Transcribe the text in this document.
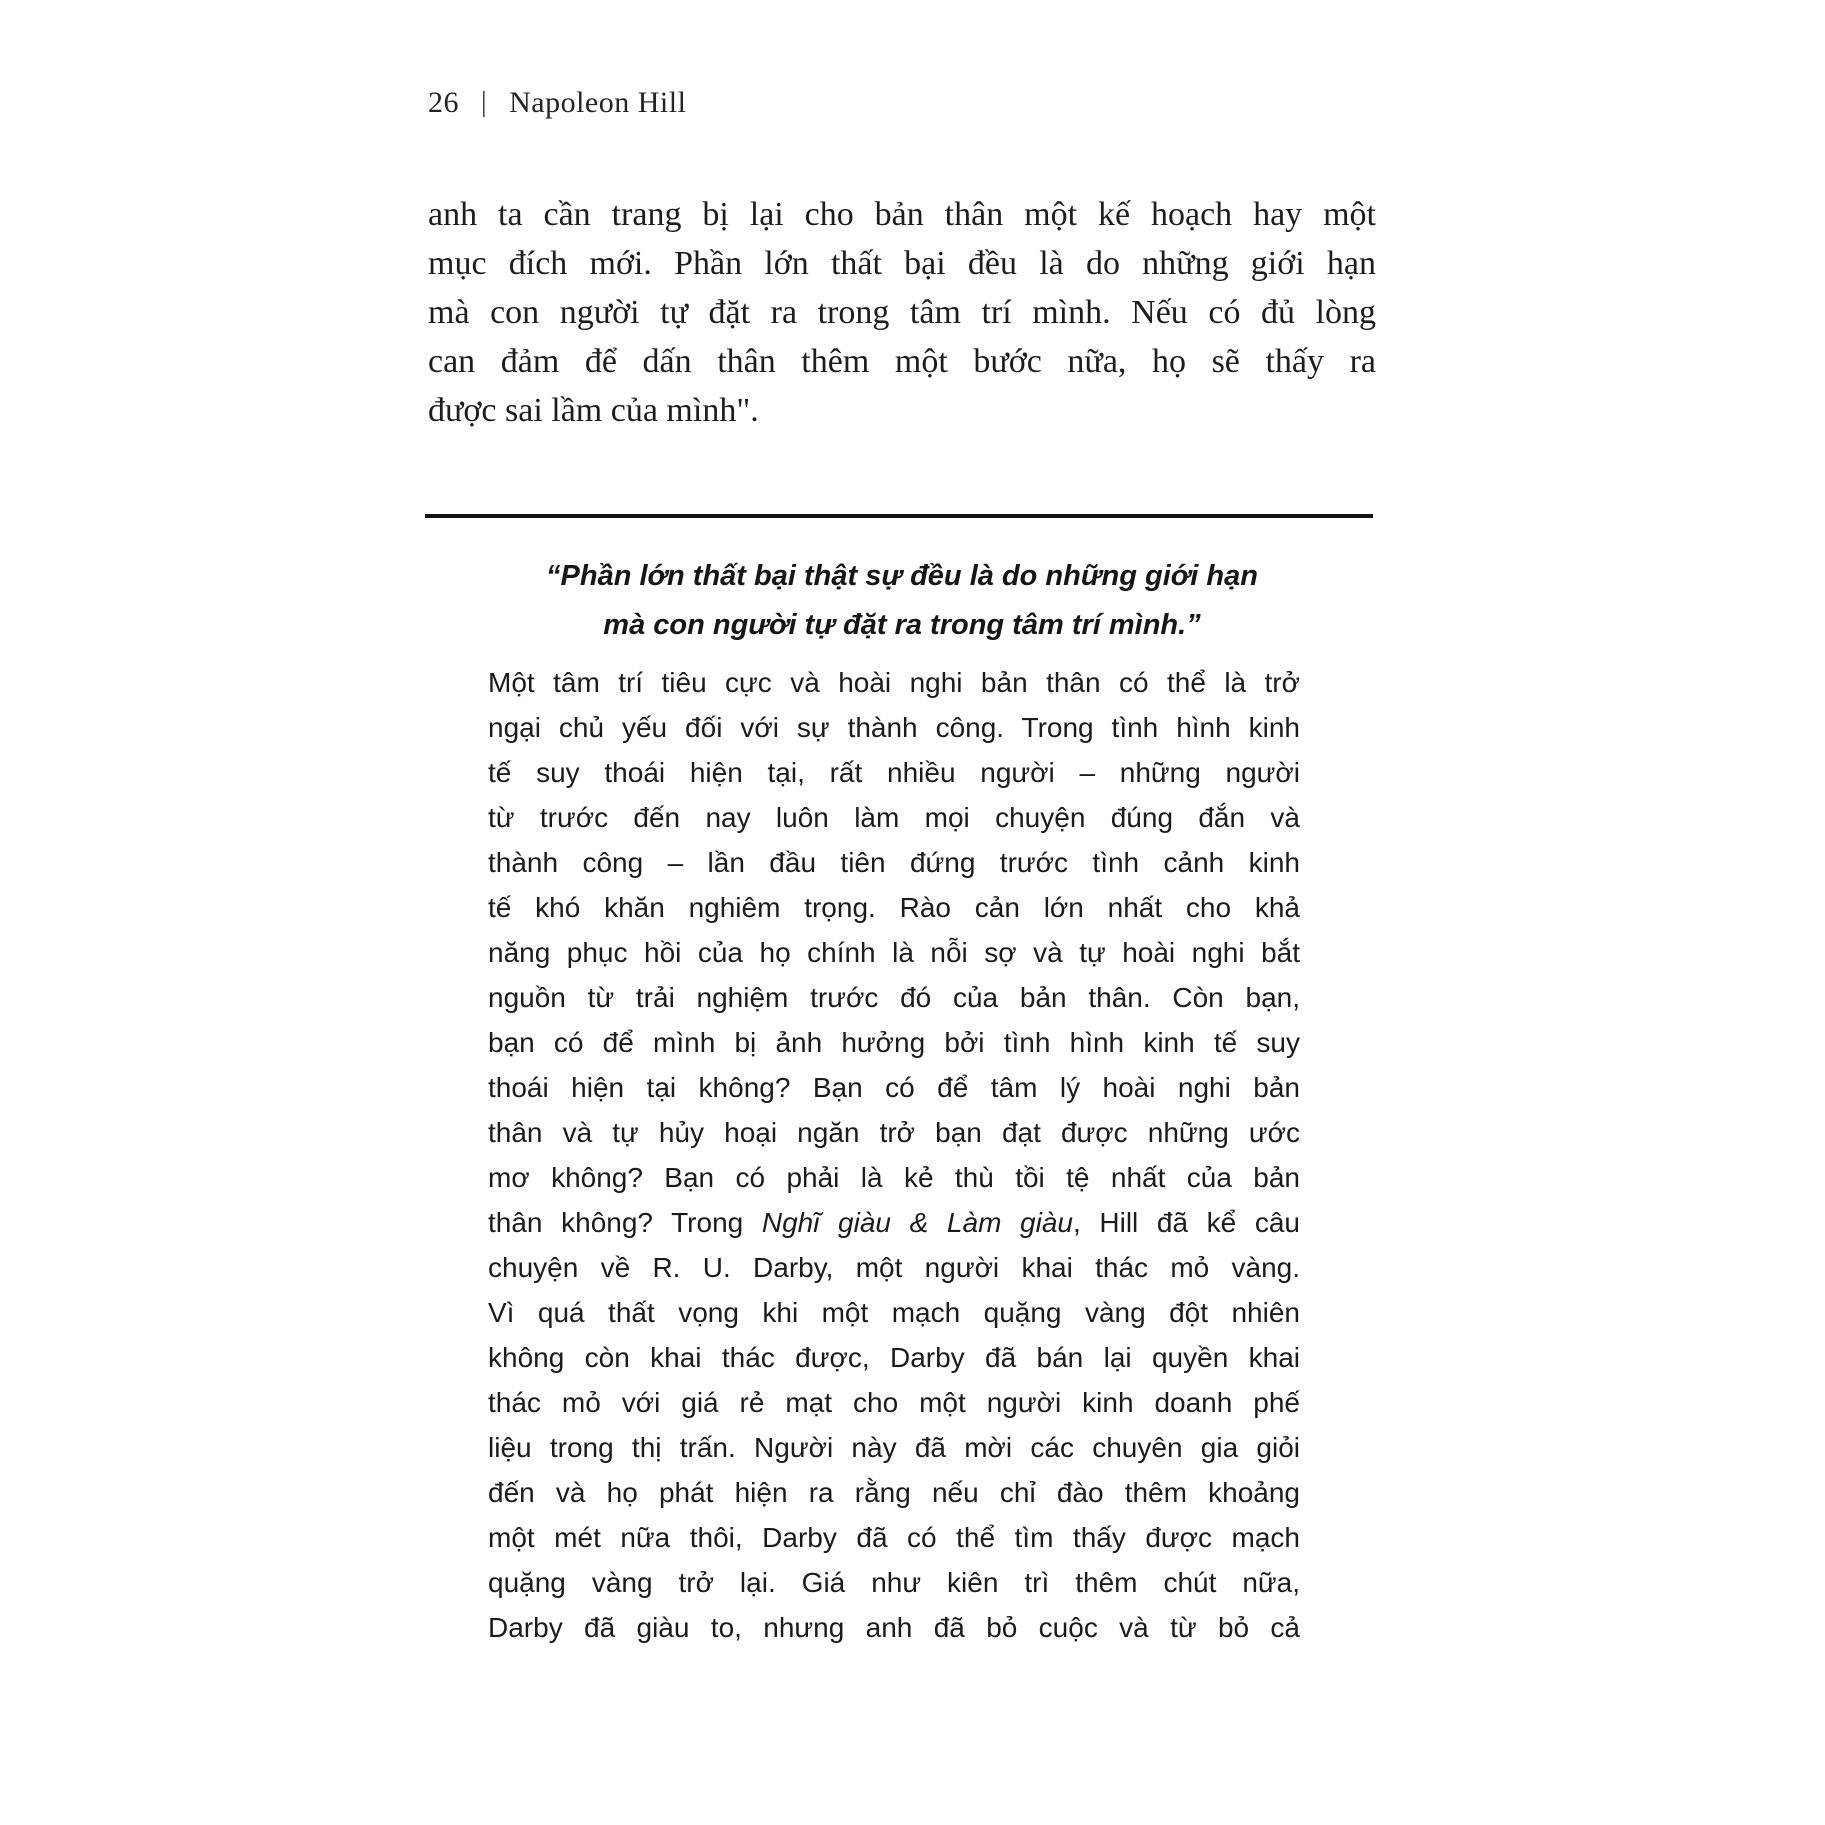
26 | Napoleon Hill
anh ta cần trang bị lại cho bản thân một kế hoạch hay một
mục đích mới. Phần lớn thất bại đều là do những giới hạn
mà con người tự đặt ra trong tâm trí mình. Nếu có đủ lòng
can đảm để dấn thân thêm một bước nữa, họ sẽ thấy ra
được sai lầm của mình".
“Phần lớn thất bại thật sự đều là do những giới hạn
mà con người tự đặt ra trong tâm trí mình.”
Một tâm trí tiêu cực và hoài nghi bản thân có thể là trở
ngại chủ yếu đối với sự thành công. Trong tình hình kinh
tế suy thoái hiện tại, rất nhiều người – những người
từ trước đến nay luôn làm mọi chuyện đúng đắn và
thành công – lần đầu tiên đứng trước tình cảnh kinh
tế khó khăn nghiêm trọng. Rào cản lớn nhất cho khả
năng phục hồi của họ chính là nỗi sợ và tự hoài nghi bắt
nguồn từ trải nghiệm trước đó của bản thân. Còn bạn,
bạn có để mình bị ảnh hưởng bởi tình hình kinh tế suy
thoái hiện tại không? Bạn có để tâm lý hoài nghi bản
thân và tự hủy hoại ngăn trở bạn đạt được những ước
mơ không? Bạn có phải là kẻ thù tồi tệ nhất của bản
thân không? Trong Nghĩ giàu & Làm giàu, Hill đã kể câu
chuyện về R. U. Darby, một người khai thác mỏ vàng.
Vì quá thất vọng khi một mạch quặng vàng đột nhiên
không còn khai thác được, Darby đã bán lại quyền khai
thác mỏ với giá rẻ mạt cho một người kinh doanh phế
liệu trong thị trấn. Người này đã mời các chuyên gia giỏi
đến và họ phát hiện ra rằng nếu chỉ đào thêm khoảng
một mét nữa thôi, Darby đã có thể tìm thấy được mạch
quặng vàng trở lại. Giá như kiên trì thêm chút nữa,
Darby đã giàu to, nhưng anh đã bỏ cuộc và từ bỏ cả
